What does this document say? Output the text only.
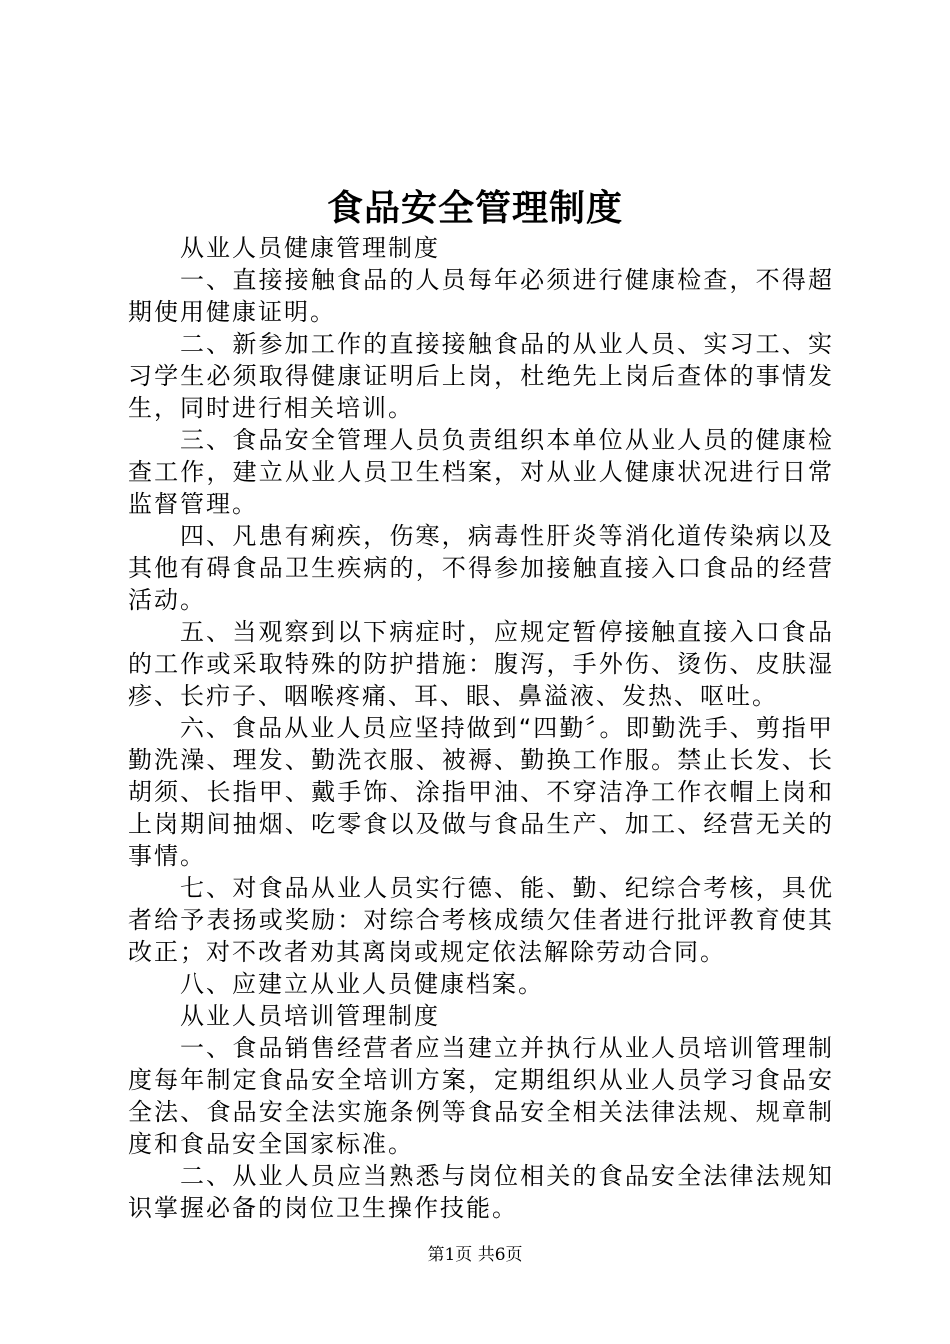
食品安全管理制度

从业人员健康管理制度

一、直接接触食品的人员每年必须进行健康检查，不得超期使用健康证明。

二、新参加工作的直接接触食品的从业人员、实习工、实习学生必须取得健康证明后上岗，杜绝先上岗后查体的事情发生，同时进行相关培训。

三、食品安全管理人员负责组织本单位从业人员的健康检查工作，建立从业人员卫生档案，对从业人健康状况进行日常监督管理。

四、凡患有痢疾，伤寒，病毒性肝炎等消化道传染病以及其他有碍食品卫生疾病的，不得参加接触直接入口食品的经营活动。

五、当观察到以下病症时，应规定暂停接触直接入口食品的工作或采取特殊的防护措施：腹泻，手外伤、烫伤、皮肤湿疹、长疖子、咽喉疼痛、耳、眼、鼻溢液、发热、呕吐。

六、食品从业人员应坚持做到“四勤〞。即勤洗手、剪指甲勤洗澡、理发、勤洗衣服、被褥、勤换工作服。禁止长发、长胡须、长指甲、戴手饰、涂指甲油、不穿洁净工作衣帽上岗和上岗期间抽烟、吃零食以及做与食品生产、加工、经营无关的事情。

七、对食品从业人员实行德、能、勤、纪综合考核，具优者给予表扬或奖励：对综合考核成绩欠佳者进行批评教育使其改正；对不改者劝其离岗或规定依法解除劳动合同。

八、应建立从业人员健康档案。

从业人员培训管理制度

一、食品销售经营者应当建立并执行从业人员培训管理制度每年制定食品安全培训方案，定期组织从业人员学习食品安全法、食品安全法实施条例等食品安全相关法律法规、规章制度和食品安全国家标准。

二、从业人员应当熟悉与岗位相关的食品安全法律法规知识掌握必备的岗位卫生操作技能。

第1页 共6页
